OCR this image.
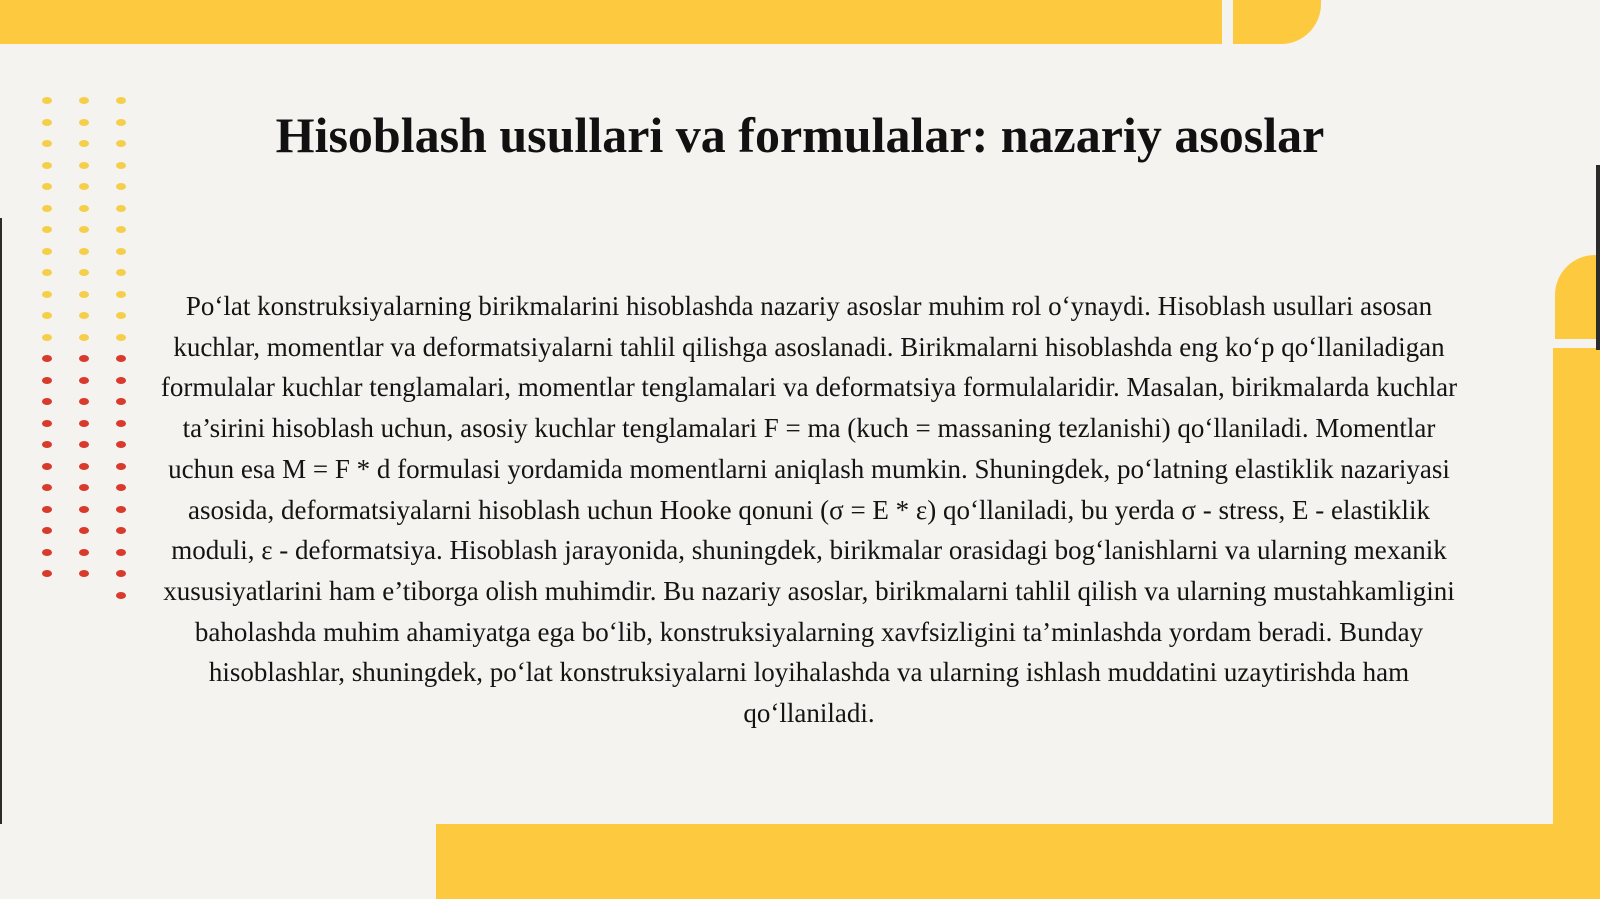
Hisoblash usullari va formulalar: nazariy asoslar

Po‘lat konstruksiyalarning birikmalarini hisoblashda nazariy asoslar muhim rol o‘ynaydi. Hisoblash usullari asosan kuchlar, momentlar va deformatsiyalarni tahlil qilishga asoslanadi. Birikmalarni hisoblashda eng ko‘p qo‘llaniladigan formulalar kuchlar tenglamalari, momentlar tenglamalari va deformatsiya formulalaridir. Masalan, birikmalarda kuchlar ta’sirini hisoblash uchun, asosiy kuchlar tenglamalari F = ma (kuch = massaning tezlanishi) qo‘llaniladi. Momentlar uchun esa M = F * d formulasi yordamida momentlarni aniqlash mumkin. Shuningdek, po‘latning elastiklik nazariyasi asosida, deformatsiyalarni hisoblash uchun Hooke qonuni (σ = E * ε) qo‘llaniladi, bu yerda σ - stress, E - elastiklik moduli, ε - deformatsiya. Hisoblash jarayonida, shuningdek, birikmalar orasidagi bog‘lanishlarni va ularning mexanik xususiyatlarini ham e’tiborga olish muhimdir. Bu nazariy asoslar, birikmalarni tahlil qilish va ularning mustahkamligini baholashda muhim ahamiyatga ega bo‘lib, konstruksiyalarning xavfsizligini ta’minlashda yordam beradi. Bunday hisoblashlar, shuningdek, po‘lat konstruksiyalarni loyihalashda va ularning ishlash muddatini uzaytirishda ham qo‘llaniladi.
